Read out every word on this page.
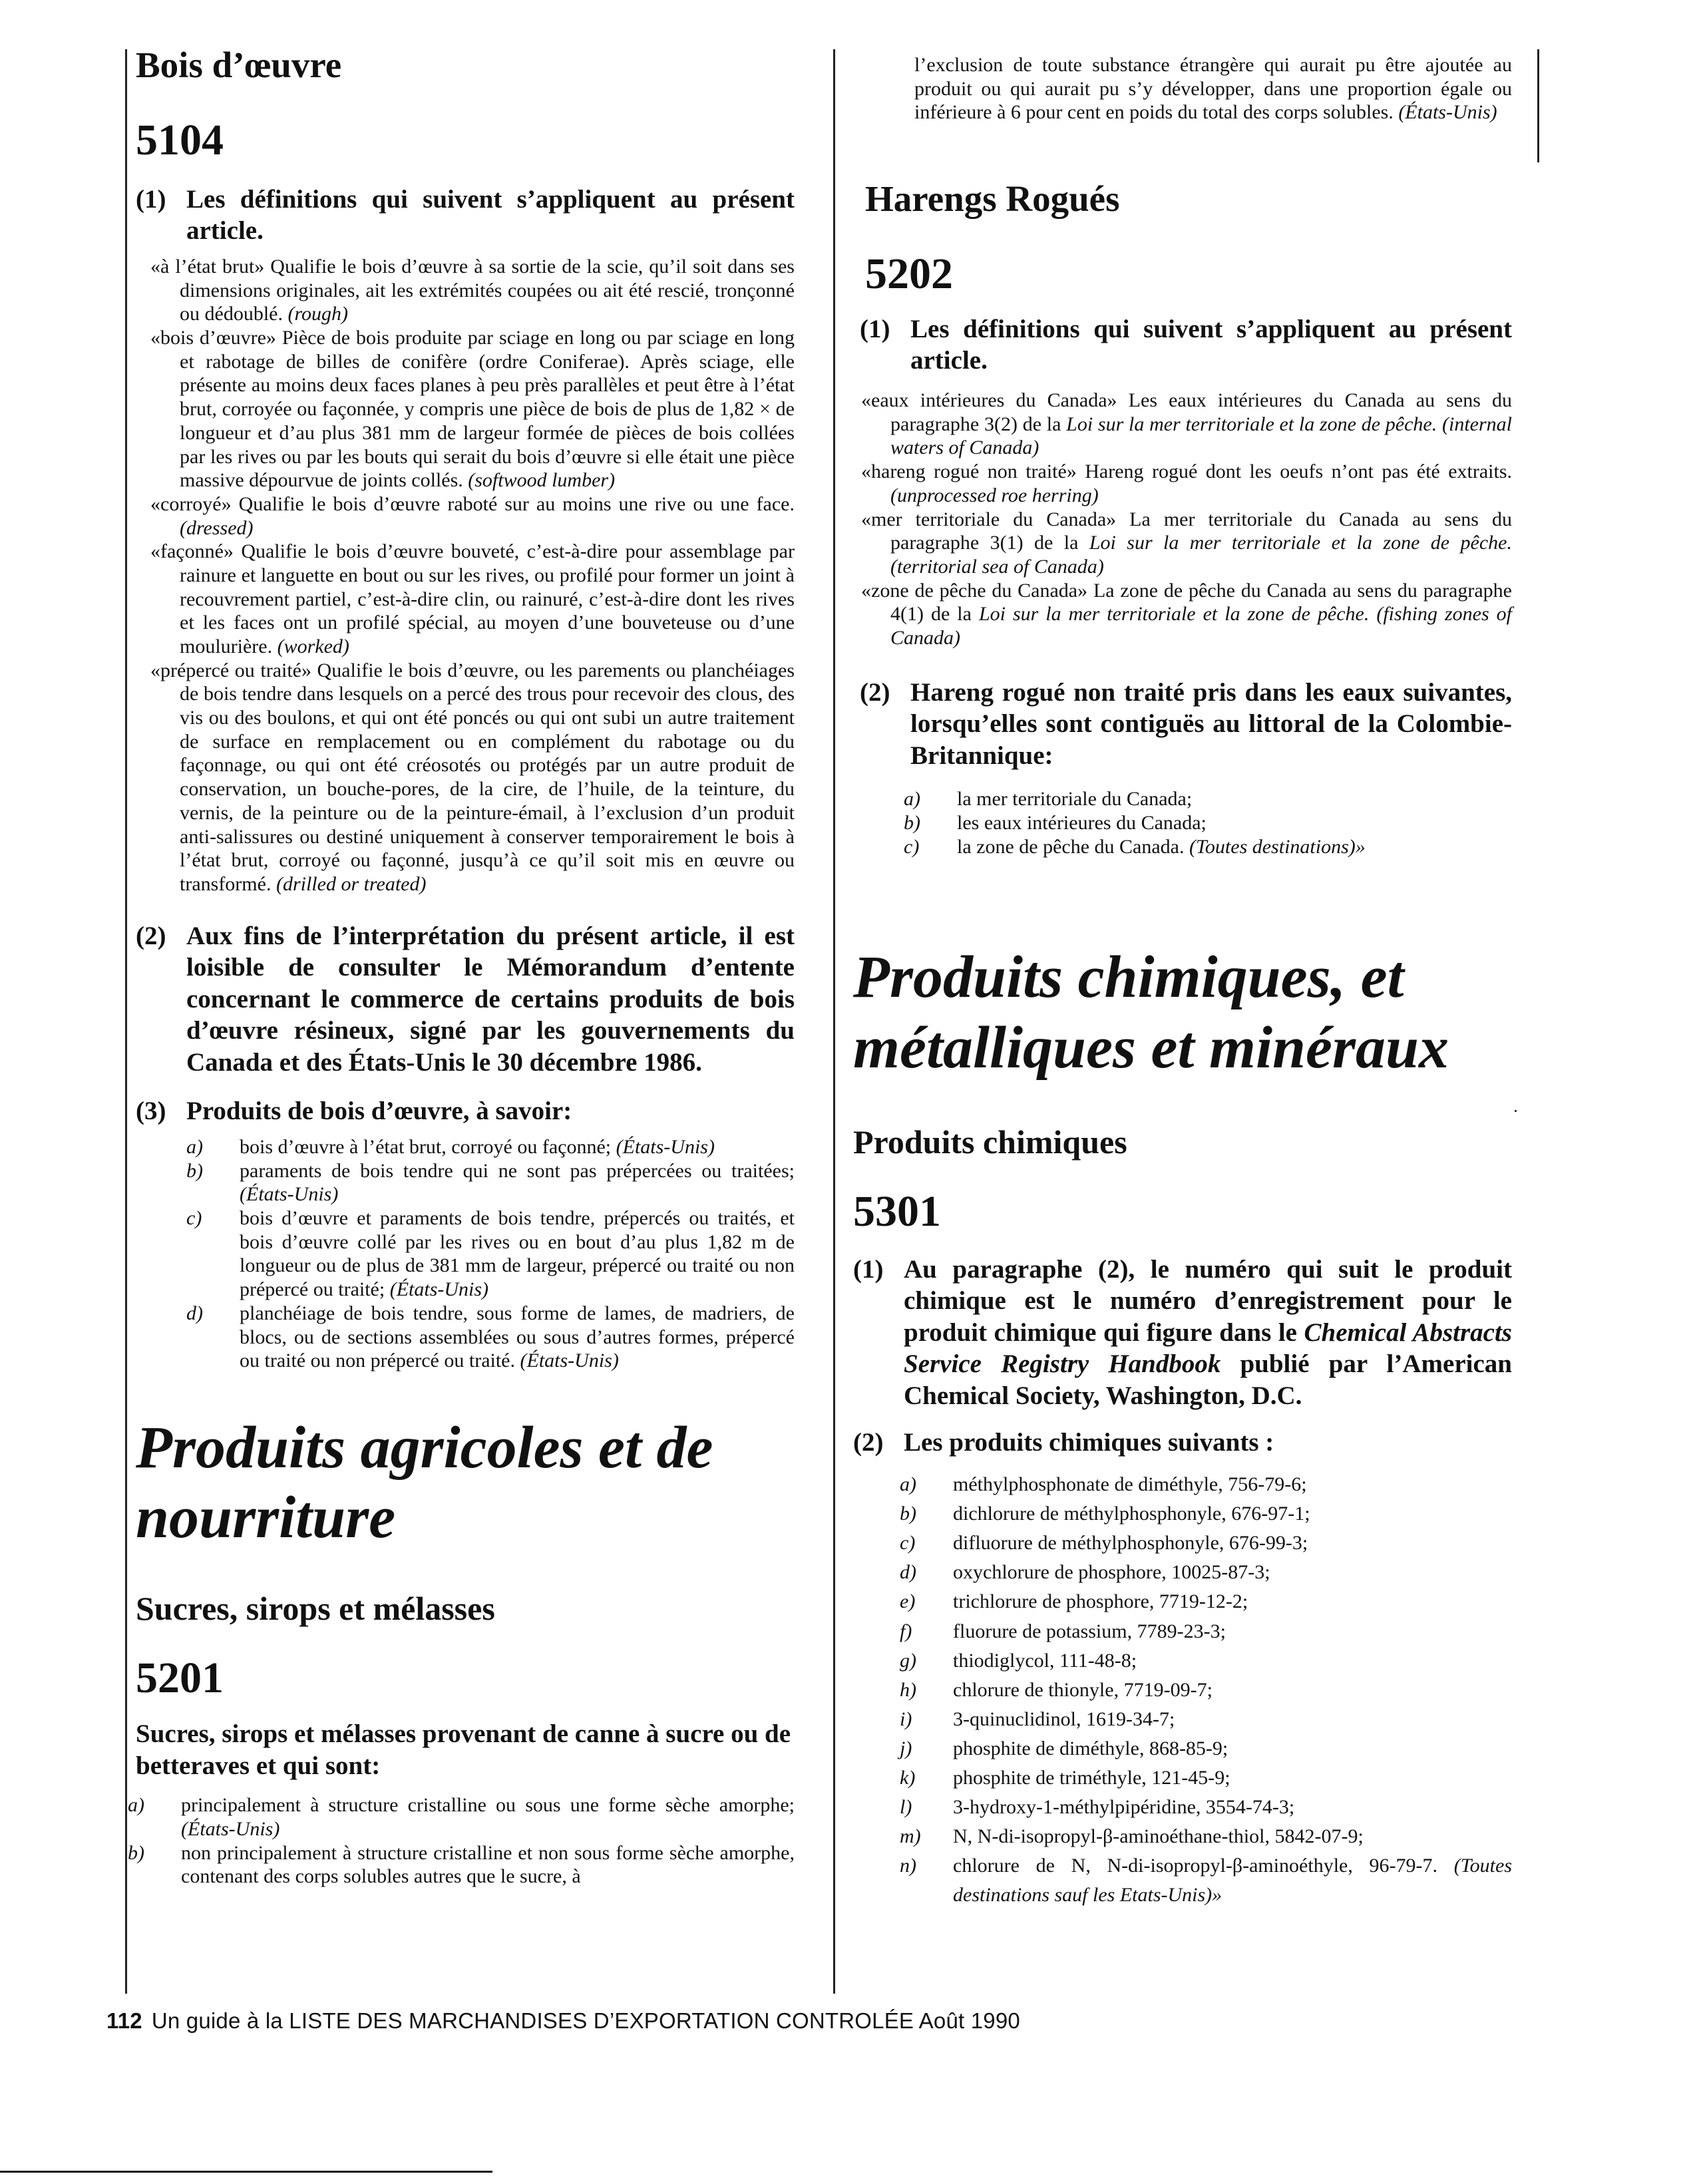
Bois d’œuvre
5104
(1) Les définitions qui suivent s’appliquent au présent article.

«à l’état brut» Qualifie le bois d’œuvre à sa sortie de la scie, qu’il soit dans ses dimensions originales, ait les extrémités coupées ou ait été rescié, tronçonné ou dédoublé. (rough)

«bois d’œuvre» Pièce de bois produite par sciage en long ou par sciage en long et rabotage de billes de conifère (ordre Coniferae). Après sciage, elle présente au moins deux faces planes à peu près parallèles et peut être à l’état brut, corroyée ou façonnée, y compris une pièce de bois de plus de 1,82 × de longueur et d’au plus 381 mm de largeur formée de pièces de bois collées par les rives ou par les bouts qui serait du bois d’œuvre si elle était une pièce massive dépourvue de joints collés. (softwood lumber)

«corroyé» Qualifie le bois d’œuvre raboté sur au moins une rive ou une face. (dressed)

«façonné» Qualifie le bois d’œuvre bouveté, c’est-à-dire pour assemblage par rainure et languette en bout ou sur les rives, ou profilé pour former un joint à recouvrement partiel, c’est-à-dire clin, ou rainuré, c’est-à-dire dont les rives et les faces ont un profilé spécial, au moyen d’une bouveteuse ou d’une moulurière. (worked)

«prépercé ou traité» Qualifie le bois d’œuvre, ou les parements ou planchéiages de bois tendre dans lesquels on a percé des trous pour recevoir des clous, des vis ou des boulons, et qui ont été poncés ou qui ont subi un autre traitement de surface en remplacement ou en complément du rabotage ou du façonnage, ou qui ont été créosotés ou protégés par un autre produit de conservation, un bouche-pores, de la cire, de l’huile, de la teinture, du vernis, de la peinture ou de la peinture-émail, à l’exclusion d’un produit anti-salissures ou destiné uniquement à conserver temporairement le bois à l’état brut, corroyé ou façonné, jusqu’à ce qu’il soit mis en œuvre ou transformé. (drilled or treated)

(2) Aux fins de l’interprétation du présent article, il est loisible de consulter le Mémorandum d’entente concernant le commerce de certains produits de bois d’œuvre résineux, signé par les gouvernements du Canada et des États-Unis le 30 décembre 1986.
(3) Produits de bois d’œuvre, à savoir:
a)	bois d’œuvre à l’état brut, corroyé ou façonné; (États-Unis)
b)	paraments de bois tendre qui ne sont pas prépercées ou traitées; (États-Unis)
c)	bois d’œuvre et paraments de bois tendre, prépercés ou traités, et bois d’œuvre collé par les rives ou en bout d’au plus 1,82 m de longueur ou de plus de 381 mm de largeur, prépercé ou traité ou non prépercé ou traité; (États-Unis)
d)	planchéiage de bois tendre, sous forme de lames, de madriers, de blocs, ou de sections assemblées ou sous d’autres formes, prépercé ou traité ou non prépercé ou traité. (États-Unis)
Produits agricoles et de nourriture
Sucres, sirops et mélasses
5201

Sucres, sirops et mélasses provenant de canne à sucre ou de betteraves et qui sont:

a)	principalement à structure cristalline ou sous une forme sèche amorphe; (États-Unis)
b)	non principalement à structure cristalline et non sous forme sèche amorphe, contenant des corps solubles autres que le sucre, à

l’exclusion de toute substance étrangère qui aurait pu être ajoutée au produit ou qui aurait pu s’y développer, dans une proportion égale ou inférieure à 6 pour cent en poids du total des corps solubles. (États-Unis)

Harengs Rogués
5202
(1) Les définitions qui suivent s’appliquent au présent article.

«eaux intérieures du Canada» Les eaux intérieures du Canada au sens du paragraphe 3(2) de la Loi sur la mer territoriale et la zone de pêche. (internal waters of Canada)

«hareng rogué non traité» Hareng rogué dont les oeufs n’ont pas été extraits. (unprocessed roe herring)

«mer territoriale du Canada» La mer territoriale du Canada au sens du paragraphe 3(1) de la Loi sur la mer territoriale et la zone de pêche. (territorial sea of Canada)

«zone de pêche du Canada» La zone de pêche du Canada au sens du paragraphe 4(1) de la Loi sur la mer territoriale et la zone de pêche. (fishing zones of Canada)

(2) Hareng rogué non traité pris dans les eaux suivantes, lorsqu’elles sont contiguës au littoral de la Colombie-Britannique:
a)	la mer territoriale du Canada;
b)	les eaux intérieures du Canada;
c)	la zone de pêche du Canada. (Toutes destinations)»
Produits chimiques, et métalliques et minéraux
Produits chimiques
5301
(1) Au paragraphe (2), le numéro qui suit le produit chimique est le numéro d’enregistrement pour le produit chimique qui figure dans le Chemical Abstracts Service Registry Handbook publié par l’American Chemical Society, Washington, D.C.
(2) Les produits chimiques suivants :
a)	méthylphosphonate de diméthyle, 756-79-6;
b)	dichlorure de méthylphosphonyle, 676-97-1;
c)	difluorure de méthylphosphonyle, 676-99-3;
d)	oxychlorure de phosphore, 10025-87-3;
e)	trichlorure de phosphore, 7719-12-2;
f)	fluorure de potassium, 7789-23-3;
g)	thiodiglycol, 111-48-8;
h)	chlorure de thionyle, 7719-09-7;
i)	3-quinuclidinol, 1619-34-7;
j)	phosphite de diméthyle, 868-85-9;
k)	phosphite de triméthyle, 121-45-9;
l)	3-hydroxy-1-méthylpipéridine, 3554-74-3;
m)	N, N-di-isopropyl-β-aminoéthane-thiol, 5842-07-9;
n)	chlorure de N, N-di-isopropyl-β-aminoéthyle, 96-79-7. (Toutes destinations sauf les Etats-Unis)»
112 Un guide à la LISTE DES MARCHANDISES D’EXPORTATION CONTROLÉE Août 1990
